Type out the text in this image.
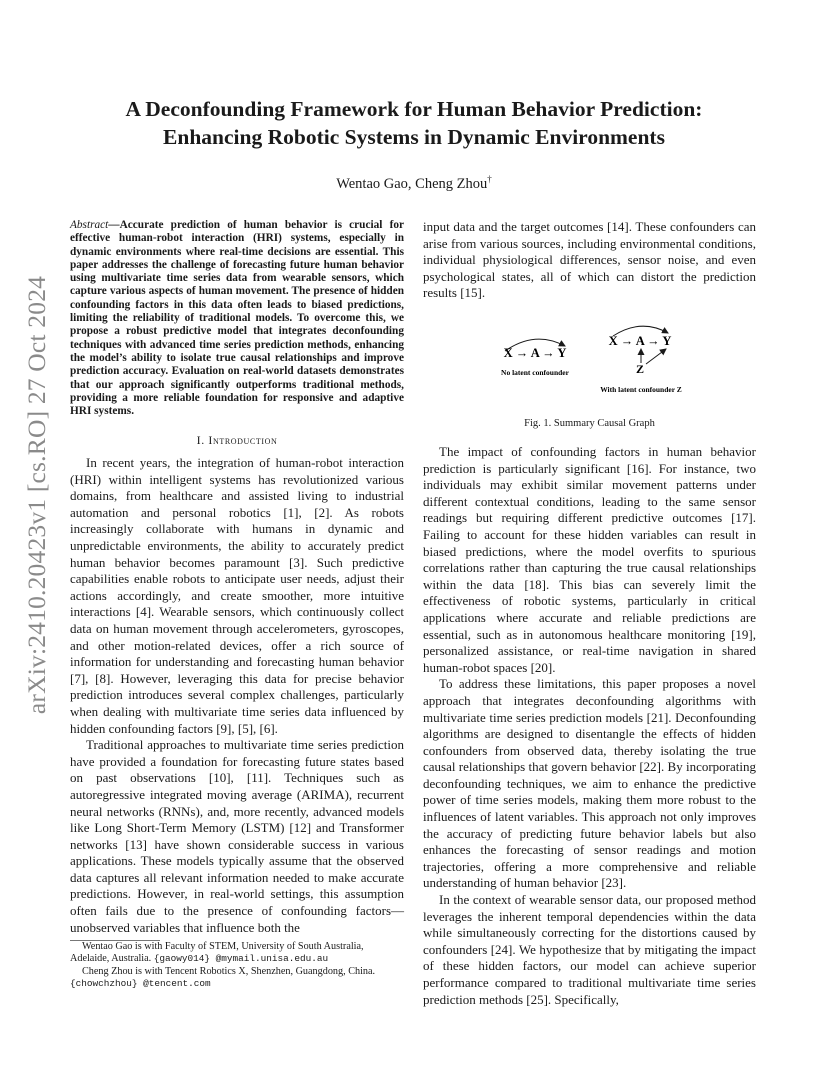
arXiv:2410.20423v1 [cs.RO] 27 Oct 2024
A Deconfounding Framework for Human Behavior Prediction:
Enhancing Robotic Systems in Dynamic Environments
Wentao Gao, Cheng Zhou†
Abstract—Accurate prediction of human behavior is crucial for effective human-robot interaction (HRI) systems, especially in dynamic environments where real-time decisions are essential. This paper addresses the challenge of forecasting future human behavior using multivariate time series data from wearable sensors, which capture various aspects of human movement. The presence of hidden confounding factors in this data often leads to biased predictions, limiting the reliability of traditional models. To overcome this, we propose a robust predictive model that integrates deconfounding techniques with advanced time series prediction methods, enhancing the model’s ability to isolate true causal relationships and improve prediction accuracy. Evaluation on real-world datasets demonstrates that our approach significantly outperforms traditional methods, providing a more reliable foundation for responsive and adaptive HRI systems.
I. Introduction

In recent years, the integration of human-robot interaction (HRI) within intelligent systems has revolutionized various domains, from healthcare and assisted living to industrial automation and personal robotics [1], [2]. As robots increasingly collaborate with humans in dynamic and unpredictable environments, the ability to accurately predict human behavior becomes paramount [3]. Such predictive capabilities enable robots to anticipate user needs, adjust their actions accordingly, and create smoother, more intuitive interactions [4]. Wearable sensors, which continuously collect data on human movement through accelerometers, gyroscopes, and other motion-related devices, offer a rich source of information for understanding and forecasting human behavior [7], [8]. However, leveraging this data for precise behavior prediction introduces several complex challenges, particularly when dealing with multivariate time series data influenced by hidden confounding factors [9], [5], [6].

Traditional approaches to multivariate time series prediction have provided a foundation for forecasting future states based on past observations [10], [11]. Techniques such as autoregressive integrated moving average (ARIMA), recurrent neural networks (RNNs), and, more recently, advanced models like Long Short-Term Memory (LSTM) [12] and Transformer networks [13] have shown considerable success in various applications. These models typically assume that the observed data captures all relevant information needed to make accurate predictions. However, in real-world settings, this assumption often fails due to the presence of confounding factors—unobserved variables that influence both the

Wentao Gao is with Faculty of STEM, University of South Australia, Adelaide, Australia. {gaowy014} @mymail.unisa.edu.au

Cheng Zhou is with Tencent Robotics X, Shenzhen, Guangdong, China. {chowchzhou} @tencent.com

input data and the target outcomes [14]. These confounders can arise from various sources, including environmental conditions, individual physiological differences, sensor noise, and even psychological states, all of which can distort the prediction results [15].

X → A → Y
No latent confounder
X → A → Y
Z
With latent confounder Z
Fig. 1. Summary Causal Graph

The impact of confounding factors in human behavior prediction is particularly significant [16]. For instance, two individuals may exhibit similar movement patterns under different contextual conditions, leading to the same sensor readings but requiring different predictive outcomes [17]. Failing to account for these hidden variables can result in biased predictions, where the model overfits to spurious correlations rather than capturing the true causal relationships within the data [18]. This bias can severely limit the effectiveness of robotic systems, particularly in critical applications where accurate and reliable predictions are essential, such as in autonomous healthcare monitoring [19], personalized assistance, or real-time navigation in shared human-robot spaces [20].

To address these limitations, this paper proposes a novel approach that integrates deconfounding algorithms with multivariate time series prediction models [21]. Deconfounding algorithms are designed to disentangle the effects of hidden confounders from observed data, thereby isolating the true causal relationships that govern behavior [22]. By incorporating deconfounding techniques, we aim to enhance the predictive power of time series models, making them more robust to the influences of latent variables. This approach not only improves the accuracy of predicting future behavior labels but also enhances the forecasting of sensor readings and motion trajectories, offering a more comprehensive and reliable understanding of human behavior [23].

In the context of wearable sensor data, our proposed method leverages the inherent temporal dependencies within the data while simultaneously correcting for the distortions caused by confounders [24]. We hypothesize that by mitigating the impact of these hidden factors, our model can achieve superior performance compared to traditional multivariate time series prediction methods [25]. Specifically,
